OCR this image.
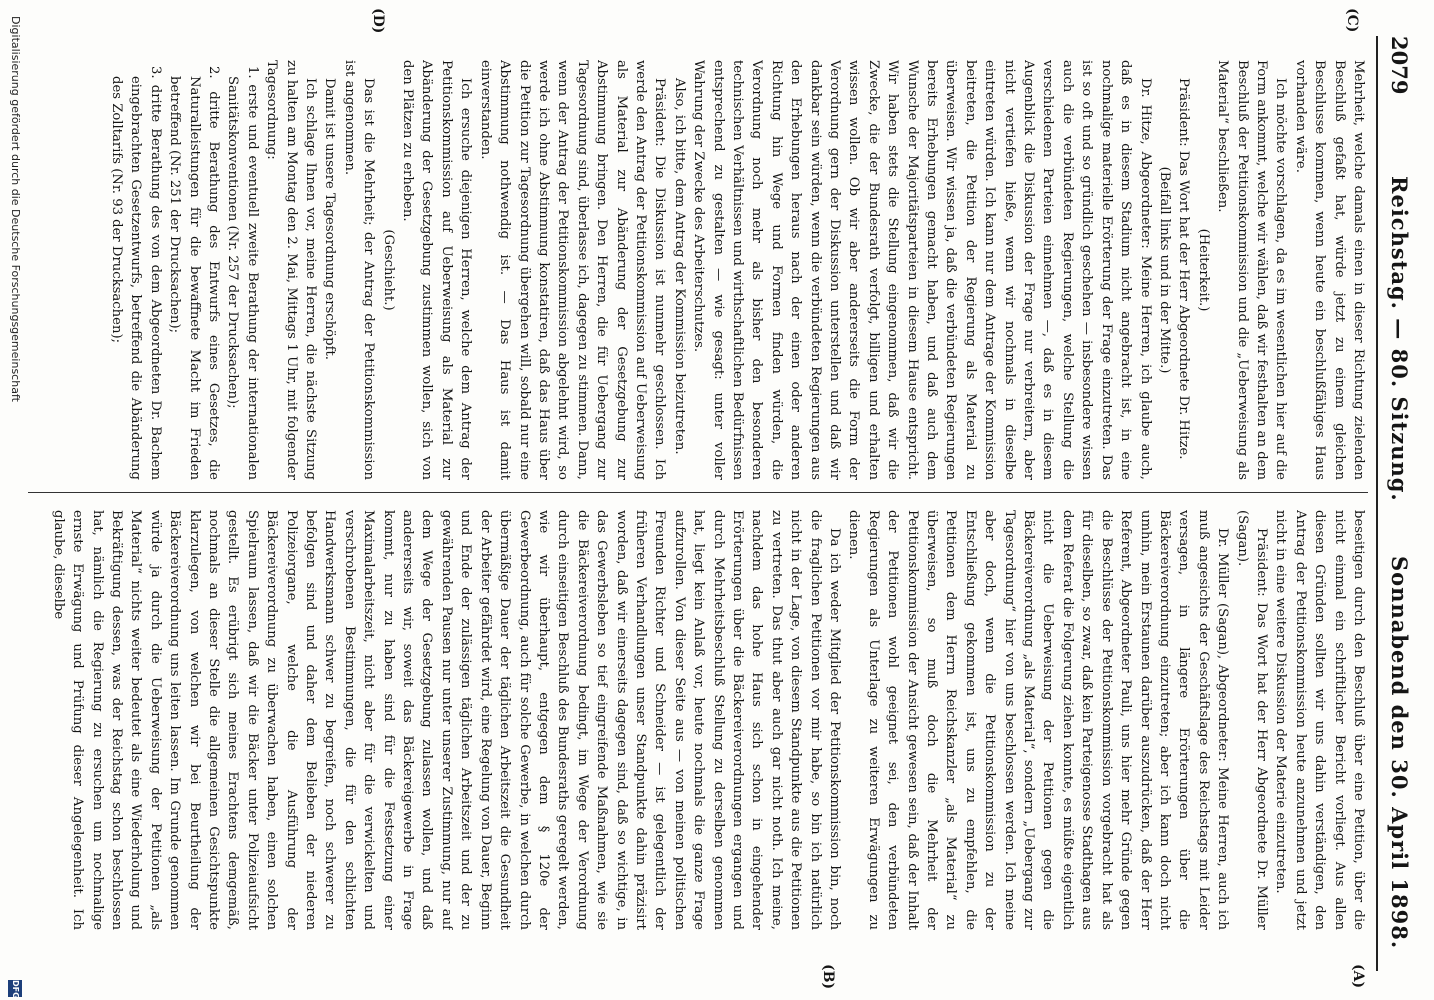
2079
Reichstag. — 80. Sitzung.
Sonnabend den 30. April 1898.
(C)
(D)
(A)
(B)

Mehrheit, welche damals einen in dieser Richtung zielenden Beschluß gefaßt hat, würde jetzt zu einem gleichen Beschlusse kommen, wenn heute ein beschlußfähiges Haus vorhanden wäre.

Ich möchte vorschlagen, da es im wesentlichen hier auf die Form ankommt, welche wir wählen, daß wir festhalten an dem Beschluß der Petitionskommission und die „Ueberweisung als Material“ beschließen.

(Heiterkeit.)

Präsident: Das Wort hat der Herr Abgeordnete Dr. Hitze.

(Beifall links und in der Mitte.)

Dr. Hitze, Abgeordneter: Meine Herren, ich glaube auch, daß es in diesem Stadium nicht angebracht ist, in eine nochmalige materielle Erörterung der Frage einzutreten. Das ist so oft und so gründlich geschehen — insbesondere wissen auch die verbündeten Regierungen, welche Stellung die verschiedenen Parteien einnehmen —, daß es in diesem Augenblick die Diskussion der Frage nur verbreitern, aber nicht vertiefen hieße, wenn wir nochmals in dieselbe eintreten würden. Ich kann nur dem Antrage der Kommission beitreten, die Petition der Regierung als Material zu überweisen. Wir wissen ja, daß die verbündeten Regierungen bereits Erhebungen gemacht haben, und daß auch dem Wunsche der Majoritätsparteien in diesem Hause entspricht. Wir haben stets die Stellung eingenommen, daß wir die Zwecke, die der Bundesrath verfolgt, billigen und erhalten wissen wollen. Ob wir aber andererseits die Form der Verordnung gern der Diskussion unterstellen und daß wir dankbar sein würden, wenn die verbündeten Regierungen aus den Erhebungen heraus nach der einen oder anderen Richtung hin Wege und Formen finden würden, die Verordnung noch mehr als bisher den besonderen technischen Verhältnissen und wirthschaftlichen Bedürfnissen entsprechend zu gestalten — wie gesagt: unter voller Wahrung der Zwecke des Arbeiterschutzes.

Also, ich bitte, dem Antrag der Kommission beizutreten.

Präsident: Die Diskussion ist nunmehr geschlossen. Ich werde den Antrag der Petitionskommission auf Ueberweisung als Material zur Abänderung der Gesetzgebung zur Abstimmung bringen. Den Herren, die für Uebergang zur Tagesordnung sind, überlasse ich, dagegen zu stimmen. Dann, wenn der Antrag der Petitionskommission abgelehnt wird, so werde ich ohne Abstimmung konstatiren, daß das Haus über die Petition zur Tagesordnung übergehen will, sobald nur eine Abstimmung nothwendig ist. — Das Haus ist damit einverstanden.

Ich ersuche diejenigen Herren, welche dem Antrag der Petitionskommission auf Ueberweisung als Material zur Abänderung der Gesetzgebung zustimmen wollen, sich von den Plätzen zu erheben.

(Geschieht.)

Das ist die Mehrheit; der Antrag der Petitionskommission ist angenommen.

Damit ist unsere Tagesordnung erschöpft.

Ich schlage Ihnen vor, meine Herren, die nächste Sitzung zu halten am Montag den 2. Mai, Mittags 1 Uhr, mit folgender Tagesordnung:

1. erste und eventuell zweite Berathung der internationalen Sanitätskonventionen (Nr. 257 der Drucksachen);

2. dritte Berathung des Entwurfs eines Gesetzes, die Naturalleistungen für die bewaffnete Macht im Frieden betreffend (Nr. 251 der Drucksachen);

3. dritte Berathung des von dem Abgeordneten Dr. Bachem eingebrachten Gesetzentwurfs, betreffend die Abänderung des Zolltarifs (Nr. 93 der Drucksachen);

beseitigen durch den Beschluß über eine Petition, über die nicht einmal ein schriftlicher Bericht vorliegt. Aus allen diesen Gründen sollten wir uns dahin verständigen, den Antrag der Petitionskommission heute anzunehmen und jetzt nicht in eine weitere Diskussion der Materie einzutreten.

Präsident: Das Wort hat der Herr Abgeordnete Dr. Müller (Sagan).

Dr. Müller (Sagan), Abgeordneter: Meine Herren, auch ich muß angesichts der Geschäftslage des Reichstags mit Leider versagen, in längere Erörterungen über die Bäckereiverordnung einzutreten; aber ich kann doch nicht umhin, mein Erstaunen darüber auszudrücken, daß der Herr Referent, Abgeordneter Pauli, uns hier mehr Gründe gegen die Beschlüsse der Petitionskommission vorgebracht hat als für dieselben, so zwar, daß kein Parteigenosse Stadthagen aus dem Referat die Folgerung ziehen konnte, es müßte eigentlich nicht die Ueberweisung der Petitionen gegen die Bäckereiverordnung „als Material“, sondern „Uebergang zur Tagesordnung“ hier von uns beschlossen werden. Ich meine aber doch, wenn die Petitionskommission zu der Entschließung gekommen ist, uns zu empfehlen, die Petitionen dem Herrn Reichskanzler „als Material“ zu überweisen, so muß doch die Mehrheit der Petitionskommission der Ansicht gewesen sein, daß der Inhalt der Petitionen wohl geeignet sei, den verbündeten Regierungen als Unterlage zu weiteren Erwägungen zu dienen.

Da ich weder Mitglied der Petitionskommission bin, noch die fraglichen Petitionen vor mir habe, so bin ich natürlich nicht in der Lage, von diesem Standpunkte aus die Petitionen zu vertreten. Das thut aber auch gar nicht noth. Ich meine, nachdem das hohe Haus sich schon in eingehender Erörterungen über die Bäckereiverordnungen ergangen und durch Mehrheitsbeschluß Stellung zu derselben genommen hat, liegt kein Anlaß vor, heute nochmals die ganze Frage aufzurollen. Von dieser Seite aus — von meinen politischen Freunden Richter und Schneider — ist gelegentlich der früheren Verhandlungen unser Standpunkte dahin präzisirt worden, daß wir einerseits dagegen sind, daß so wichtige, in das Gewerbsleben so tief eingreifende Maßnahmen, wie sie die Bäckereiverordnung bedingt, im Wege der Verordnung durch einseitigen Beschluß des Bundesraths geregelt werden, wie wir überhaupt, entgegen dem § 120e der Gewerbeordnung, auch für solche Gewerbe, in welchen durch übermäßige Dauer der täglichen Arbeitszeit die Gesundheit der Arbeiter gefährdet wird, eine Regelung von Dauer, Beginn und Ende der zulässigen täglichen Arbeitszeit und der zu gewährenden Pausen nur unter unserer Zustimmung, nur auf dem Wege der Gesetzgebung zulassen wollen, und daß andererseits wir, soweit das Bäckereigewerbe in Frage kommt, nur zu haben sind für die Festsetzung einer Maximalarbeitszeit, nicht aber für die verwickelten und verschrobenen Bestimmungen, die für den schlichten Handwerksmann schwer zu begreifen, noch schwerer zu befolgen sind und daher dem Belieben der niederen Polizeiorgane, welche die Ausführung der Bäckereiverordnung zu überwachen haben, einen solchen Spielraum lassen, daß wir die Bäcker unter Polizeiaufsicht gestellt. Es erübrigt sich meines Erachtens demgemäß, nochmals an dieser Stelle die allgemeinen Gesichtspunkte klarzulegen, von welchen wir bei Beurtheilung der Bäckereiverordnung uns leiten lassen. Im Grunde genommen würde ja durch die Ueberweisung der Petitionen „als Material“ nichts weiter bedeutet als eine Wiederholung und Bekräftigung dessen, was der Reichstag schon beschlossen hat, nämlich die Regierung zu ersuchen um nochmalige ernste Erwägung und Prüfung dieser Angelegenheit. Ich glaube, dieselbe

Digitalisierung gefördert durch die Deutsche Forschungsgemeinschaft
DFG
